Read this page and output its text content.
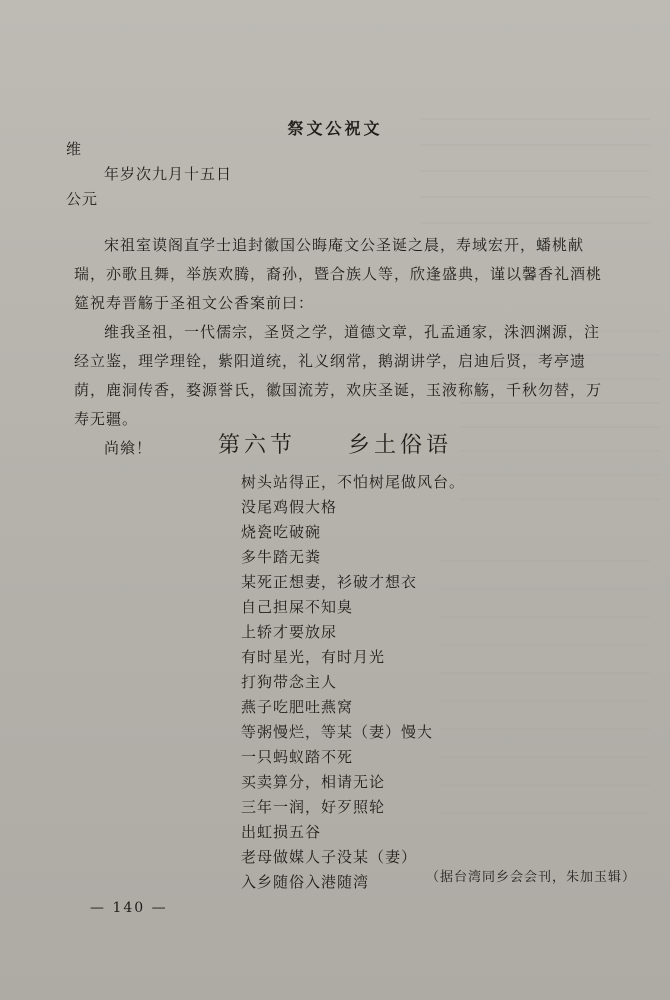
祭文公祝文
维
年岁次九月十五日
公元

宋祖室谟阁直学士追封徽国公晦庵文公圣诞之晨，寿域宏开，蟠桃献瑞，亦歌且舞，举族欢腾，裔孙，暨合族人等，欣逢盛典，谨以馨香礼酒桃筵祝寿晋觞于圣祖文公香案前曰：

维我圣祖，一代儒宗，圣贤之学，道德文章，孔孟通家，洙泗渊源，注经立鉴，理学理铨，紫阳道统，礼义纲常，鹅湖讲学，启迪后贤，考亭遗荫，鹿洞传香，婺源誉氏，徽国流芳，欢庆圣诞，玉液称觞，千秋勿替，万寿无疆。

尚飨！	第六节 乡土俗语
树头站得正，不怕树尾做风台。
没尾鸡假大格
烧瓷吃破碗
多牛踏无粪
某死正想妻，衫破才想衣
自己担屎不知臭
上轿才要放尿
有时星光，有时月光
打狗带念主人
燕子吃肥吐燕窝
等粥慢烂，等某（妻）慢大
一只蚂蚁踏不死
买卖算分，相请无论
三年一润，好歹照轮
出虹损五谷
老母做媒人子没某（妻）
入乡随俗入港随湾	（据台湾同乡会会刊，朱加玉辑）
— 140 —
